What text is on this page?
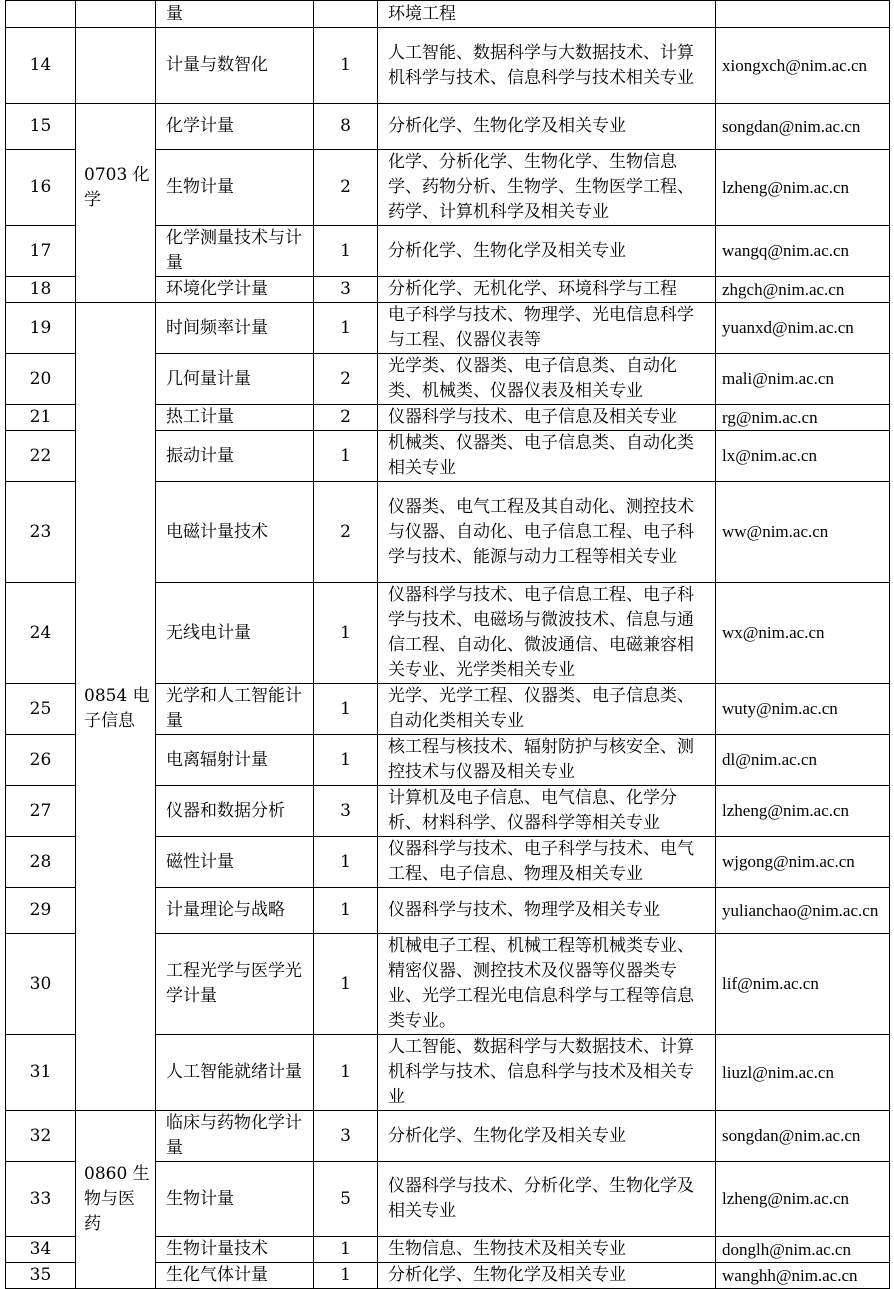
		量		环境工程	
14		计量与数智化	1	人工智能、数据科学与大数据技术、计算机科学与技术、信息科学与技术相关专业	xiongxch@nim.ac.cn
15		化学计量	8	分析化学、生物化学及相关专业	songdan@nim.ac.cn
16	0703 化学	生物计量	2	化学、分析化学、生物化学、生物信息学、药物分析、生物学、生物医学工程、药学、计算机科学及相关专业	lzheng@nim.ac.cn
17		化学测量技术与计量	1	分析化学、生物化学及相关专业	wangq@nim.ac.cn
18		环境化学计量	3	分析化学、无机化学、环境科学与工程	zhgch@nim.ac.cn
19		时间频率计量	1	电子科学与技术、物理学、光电信息科学与工程、仪器仪表等	yuanxd@nim.ac.cn
20		几何量计量	2	光学类、仪器类、电子信息类、自动化类、机械类、仪器仪表及相关专业	mali@nim.ac.cn
21		热工计量	2	仪器科学与技术、电子信息及相关专业	rg@nim.ac.cn
22		振动计量	1	机械类、仪器类、电子信息类、自动化类相关专业	lx@nim.ac.cn
23		电磁计量技术	2	仪器类、电气工程及其自动化、测控技术与仪器、自动化、电子信息工程、电子科学与技术、能源与动力工程等相关专业	ww@nim.ac.cn
24		无线电计量	1	仪器科学与技术、电子信息工程、电子科学与技术、电磁场与微波技术、信息与通信工程、自动化、微波通信、电磁兼容相关专业、光学类相关专业	wx@nim.ac.cn
25	0854 电子信息	光学和人工智能计量	1	光学、光学工程、仪器类、电子信息类、自动化类相关专业	wuty@nim.ac.cn
26		电离辐射计量	1	核工程与核技术、辐射防护与核安全、测控技术与仪器及相关专业	dl@nim.ac.cn
27		仪器和数据分析	3	计算机及电子信息、电气信息、化学分析、材料科学、仪器科学等相关专业	lzheng@nim.ac.cn
28		磁性计量	1	仪器科学与技术、电子科学与技术、电气工程、电子信息、物理及相关专业	wjgong@nim.ac.cn
29		计量理论与战略	1	仪器科学与技术、物理学及相关专业	yulianchao@nim.ac.cn
30		工程光学与医学光学计量	1	机械电子工程、机械工程等机械类专业、精密仪器、测控技术及仪器等仪器类专业、光学工程光电信息科学与工程等信息类专业。	lif@nim.ac.cn
31		人工智能就绪计量	1	人工智能、数据科学与大数据技术、计算机科学与技术、信息科学与技术及相关专业	liuzl@nim.ac.cn
32		临床与药物化学计量	3	分析化学、生物化学及相关专业	songdan@nim.ac.cn
33	0860 生物与医药	生物计量	5	仪器科学与技术、分析化学、生物化学及相关专业	lzheng@nim.ac.cn
34		生物计量技术	1	生物信息、生物技术及相关专业	donglh@nim.ac.cn
35		生化气体计量	1	分析化学、生物化学及相关专业	wanghh@nim.ac.cn
